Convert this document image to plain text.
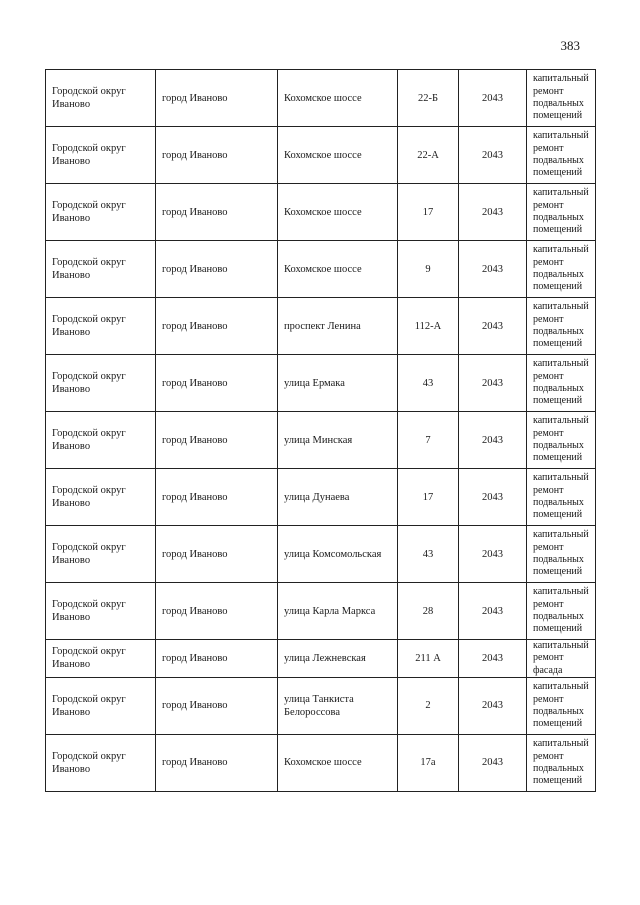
383
Городской округ Иваново	город Иваново	Кохомское шоссе	22-Б	2043	капитальный ремонт подвальных помещений
Городской округ Иваново	город Иваново	Кохомское шоссе	22-А	2043	капитальный ремонт подвальных помещений
Городской округ Иваново	город Иваново	Кохомское шоссе	17	2043	капитальный ремонт подвальных помещений
Городской округ Иваново	город Иваново	Кохомское шоссе	9	2043	капитальный ремонт подвальных помещений
Городской округ Иваново	город Иваново	проспект Ленина	112-А	2043	капитальный ремонт подвальных помещений
Городской округ Иваново	город Иваново	улица Ермака	43	2043	капитальный ремонт подвальных помещений
Городской округ Иваново	город Иваново	улица Минская	7	2043	капитальный ремонт подвальных помещений
Городской округ Иваново	город Иваново	улица Дунаева	17	2043	капитальный ремонт подвальных помещений
Городской округ Иваново	город Иваново	улица Комсомольская	43	2043	капитальный ремонт подвальных помещений
Городской округ Иваново	город Иваново	улица Карла Маркса	28	2043	капитальный ремонт подвальных помещений
Городской округ Иваново	город Иваново	улица Лежневская	211 А	2043	капитальный ремонт фасада
Городской округ Иваново	город Иваново	улица Танкиста Белороссова	2	2043	капитальный ремонт подвальных помещений
Городской округ Иваново	город Иваново	Кохомское шоссе	17а	2043	капитальный ремонт подвальных помещений
